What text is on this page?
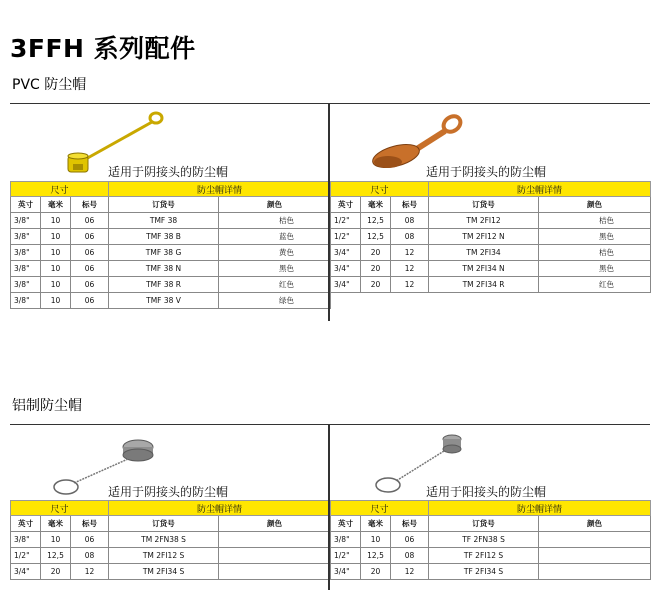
3FFH 系列配件
PVC 防尘帽
铝制防尘帽
适用于阴接头的防尘帽
尺寸			防尘帽详情	
英寸	毫米	标号	订货号	颜色
3/8"	10	06	TMF 38	桔色
3/8"	10	06	TMF 38 B	蓝色
3/8"	10	06	TMF 38 G	黄色
3/8"	10	06	TMF 38 N	黑色
3/8"	10	06	TMF 38 R	红色
3/8"	10	06	TMF 38 V	绿色
适用于阴接头的防尘帽
尺寸			防尘帽详情	
英寸	毫米	标号	订货号	颜色
1/2"	12,5	08	TM 2FI12	桔色
1/2"	12,5	08	TM 2FI12 N	黑色
3/4"	20	12	TM 2FI34	桔色
3/4"	20	12	TM 2FI34 N	黑色
3/4"	20	12	TM 2FI34 R	红色
适用于阴接头的防尘帽
尺寸			防尘帽详情	
英寸	毫米	标号	订货号	颜色
3/8"	10	06	TM 2FN38 S	
1/2"	12,5	08	TM 2FI12 S	
3/4"	20	12	TM 2FI34 S	
适用于阳接头的防尘帽
尺寸			防尘帽详情	
英寸	毫米	标号	订货号	颜色
3/8"	10	06	TF 2FN38 S	
1/2"	12,5	08	TF 2FI12 S	
3/4"	20	12	TF 2FI34 S	
